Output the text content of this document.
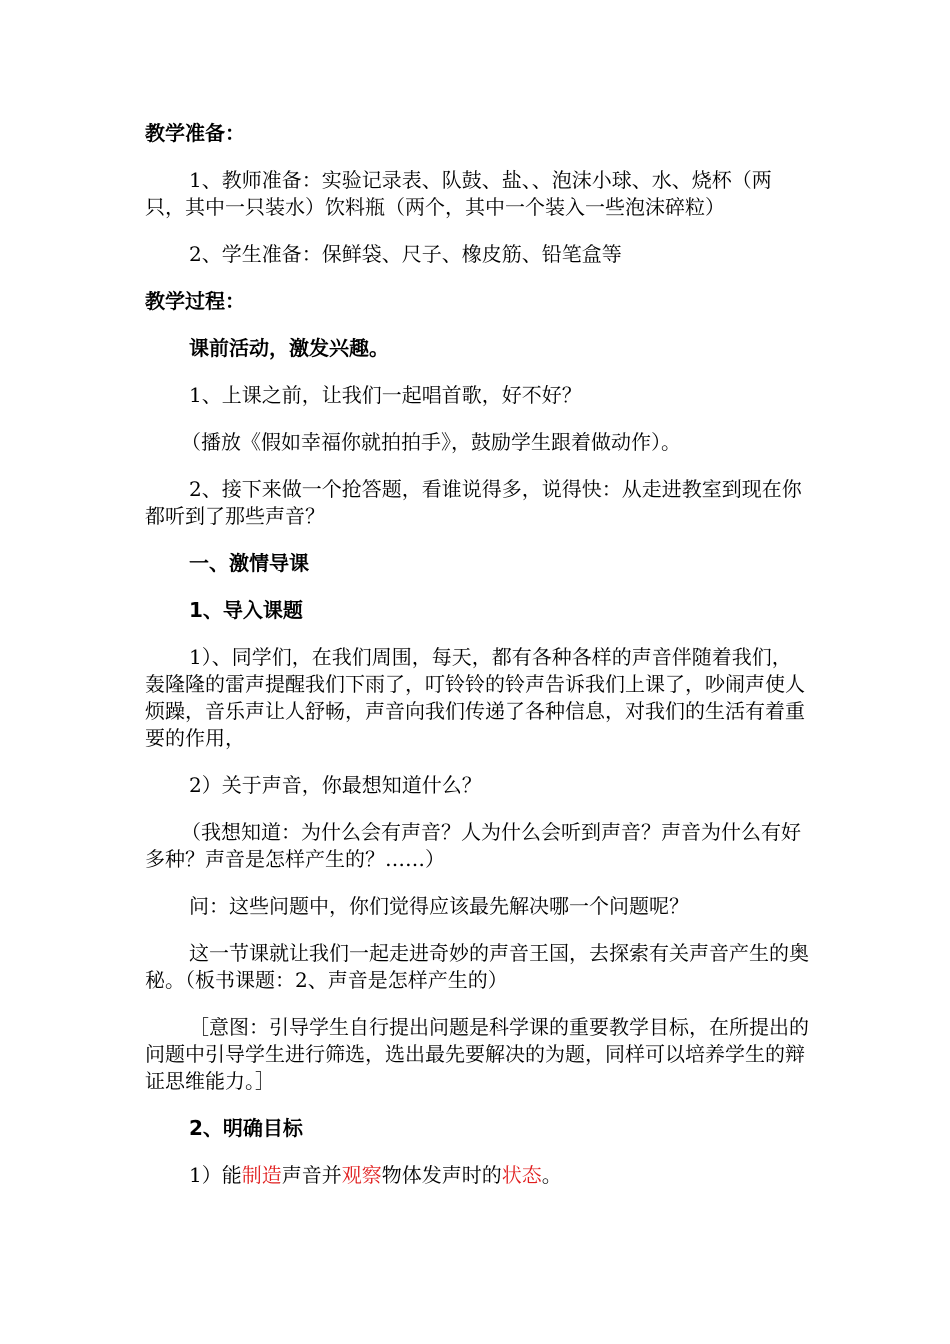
教学准备：

1、教师准备：实验记录表、队鼓、盐、、泡沫小球、水、烧杯（两只，其中一只装水）饮料瓶（两个，其中一个装入一些泡沫碎粒）

2、学生准备：保鲜袋、尺子、橡皮筋、铅笔盒等

教学过程：

课前活动，激发兴趣。

1、上课之前，让我们一起唱首歌，好不好？

（播放《假如幸福你就拍拍手》，鼓励学生跟着做动作）。

2、接下来做一个抢答题，看谁说得多，说得快：从走进教室到现在你都听到了那些声音？

一、激情导课

1、导入课题

1）、同学们，在我们周围，每天，都有各种各样的声音伴随着我们，轰隆隆的雷声提醒我们下雨了，叮铃铃的铃声告诉我们上课了，吵闹声使人烦躁，音乐声让人舒畅，声音向我们传递了各种信息，对我们的生活有着重要的作用，

2）关于声音，你最想知道什么？

（我想知道：为什么会有声音？人为什么会听到声音？声音为什么有好多种？声音是怎样产生的？……）

问：这些问题中，你们觉得应该最先解决哪一个问题呢？

这一节课就让我们一起走进奇妙的声音王国，去探索有关声音产生的奥秘。（板书课题：2、声音是怎样产生的）

［意图：引导学生自行提出问题是科学课的重要教学目标，在所提出的问题中引导学生进行筛选，选出最先要解决的为题，同样可以培养学生的辩证思维能力。］

2、明确目标

1）能制造声音并观察物体发声时的状态。
